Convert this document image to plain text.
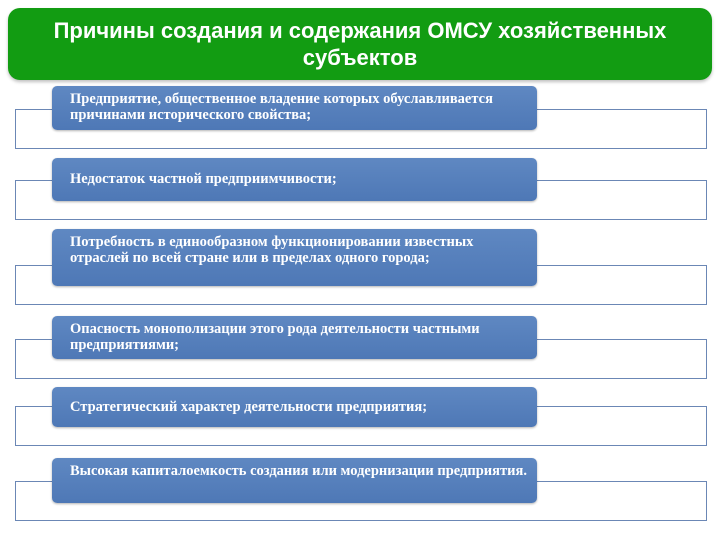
Причины создания и содержания ОМСУ хозяйственных субъектов
Предприятие, общественное владение которых обуславливается причинами исторического свойства;
Недостаток частной предприимчивости;
Потребность в единообразном функционировании известных отраслей по всей стране или в пределах одного города;
Опасность монополизации этого рода деятельности частными предприятиями;
Стратегический характер деятельности предприятия;
Высокая капиталоемкость создания или модернизации предприятия.
